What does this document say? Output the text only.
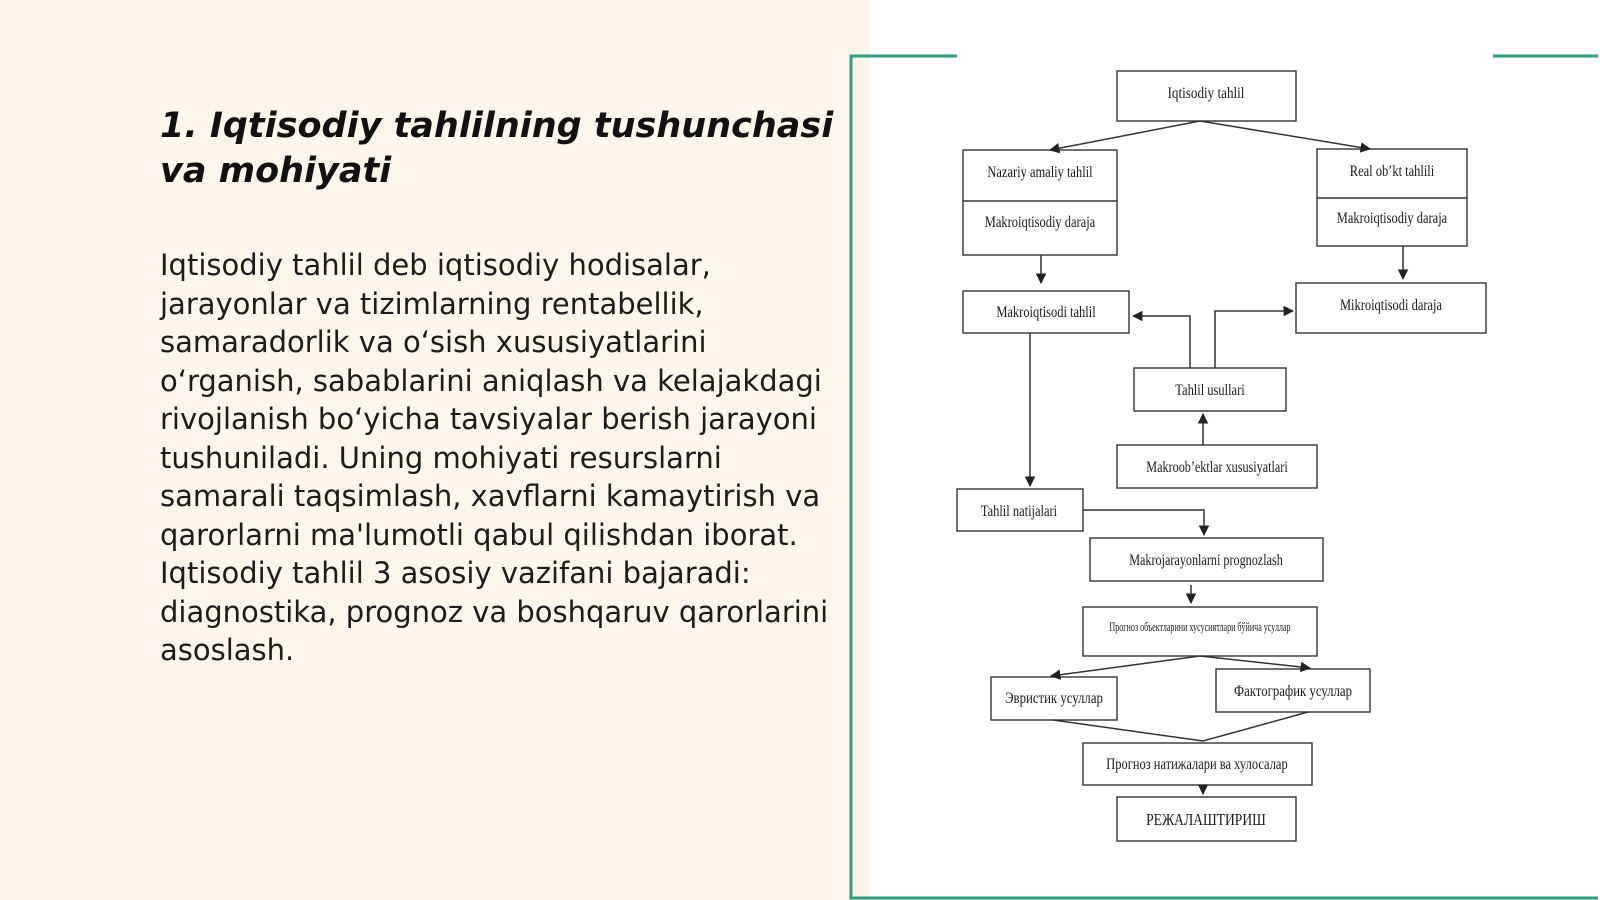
1. Iqtisodiy tahlilning tushunchasi va mohiyati

Iqtisodiy tahlil deb iqtisodiy hodisalar, jarayonlar va tizimlarning rentabellik, samaradorlik va o‘sish xususiyatlarini o‘rganish, sabablarini aniqlash va kelajakdagi rivojlanish bo‘yicha tavsiyalar berish jarayoni tushuniladi. Uning mohiyati resurslarni samarali taqsimlash, xavflarni kamaytirish va qarorlarni ma'lumotli qabul qilishdan iborat. Iqtisodiy tahlil 3 asosiy vazifani bajaradi: diagnostika, prognoz va boshqaruv qarorlarini asoslash.

Iqtisodiy tahlil
Nazariy amaliy tahlil
Makroiqtisodiy daraja
Real ob’kt tahlili
Makroiqtisodiy daraja
Makroiqtisodi tahlil	Mikroiqtisodi daraja
Tahlil usullari
Makroob’ektlar xususiyatlari
Tahlil natijalari
Makrojarayonlarni prognozlash
Прогноз объектларини хусусиятлари бўйича усуллар
Эвристик усуллар	Фактографик усуллар
Прогноз натижалари ва хулосалар
РЕЖАЛАШТИРИШ
